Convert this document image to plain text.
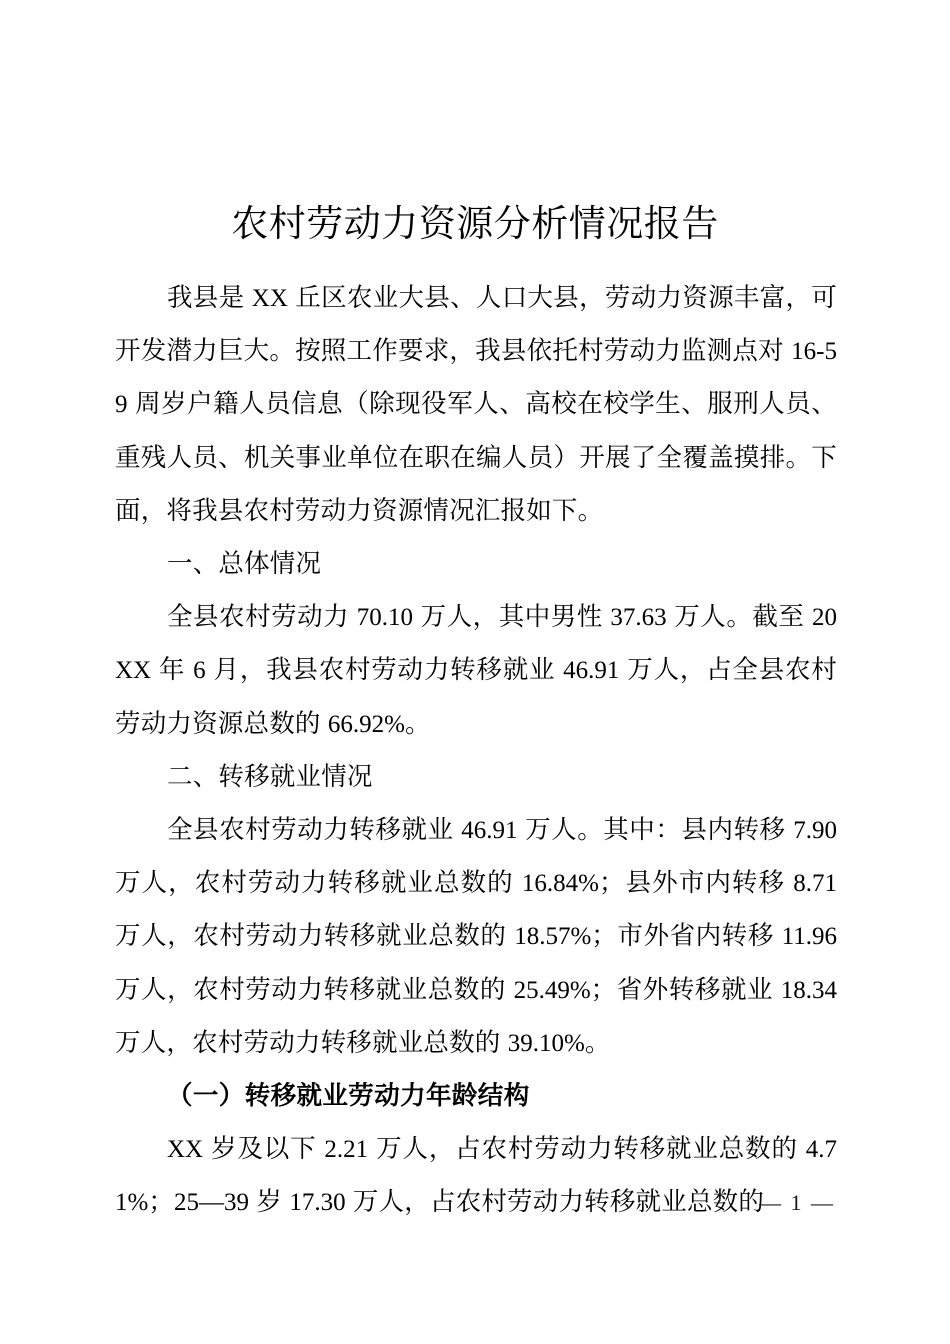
农村劳动力资源分析情况报告

我县是 XX 丘区农业大县、人口大县，劳动力资源丰富，可开发潜力巨大。按照工作要求，我县依托村劳动力监测点对 16-59 周岁户籍人员信息（除现役军人、高校在校学生、服刑人员、重残人员、机关事业单位在职在编人员）开展了全覆盖摸排。下面，将我县农村劳动力资源情况汇报如下。

一、总体情况

全县农村劳动力 70.10 万人，其中男性 37.63 万人。截至 20XX 年 6 月，我县农村劳动力转移就业 46.91 万人，占全县农村劳动力资源总数的 66.92%。

二、转移就业情况

全县农村劳动力转移就业 46.91 万人。其中：县内转移 7.90 万人，农村劳动力转移就业总数的 16.84%；县外市内转移 8.71 万人，农村劳动力转移就业总数的 18.57%；市外省内转移 11.96 万人，农村劳动力转移就业总数的 25.49%；省外转移就业 18.34 万人，农村劳动力转移就业总数的 39.10%。

（一）转移就业劳动力年龄结构

XX 岁及以下 2.21 万人，占农村劳动力转移就业总数的 4.71%；25—39 岁 17.30 万人，占农村劳动力转移就业总数的

— 1 —
